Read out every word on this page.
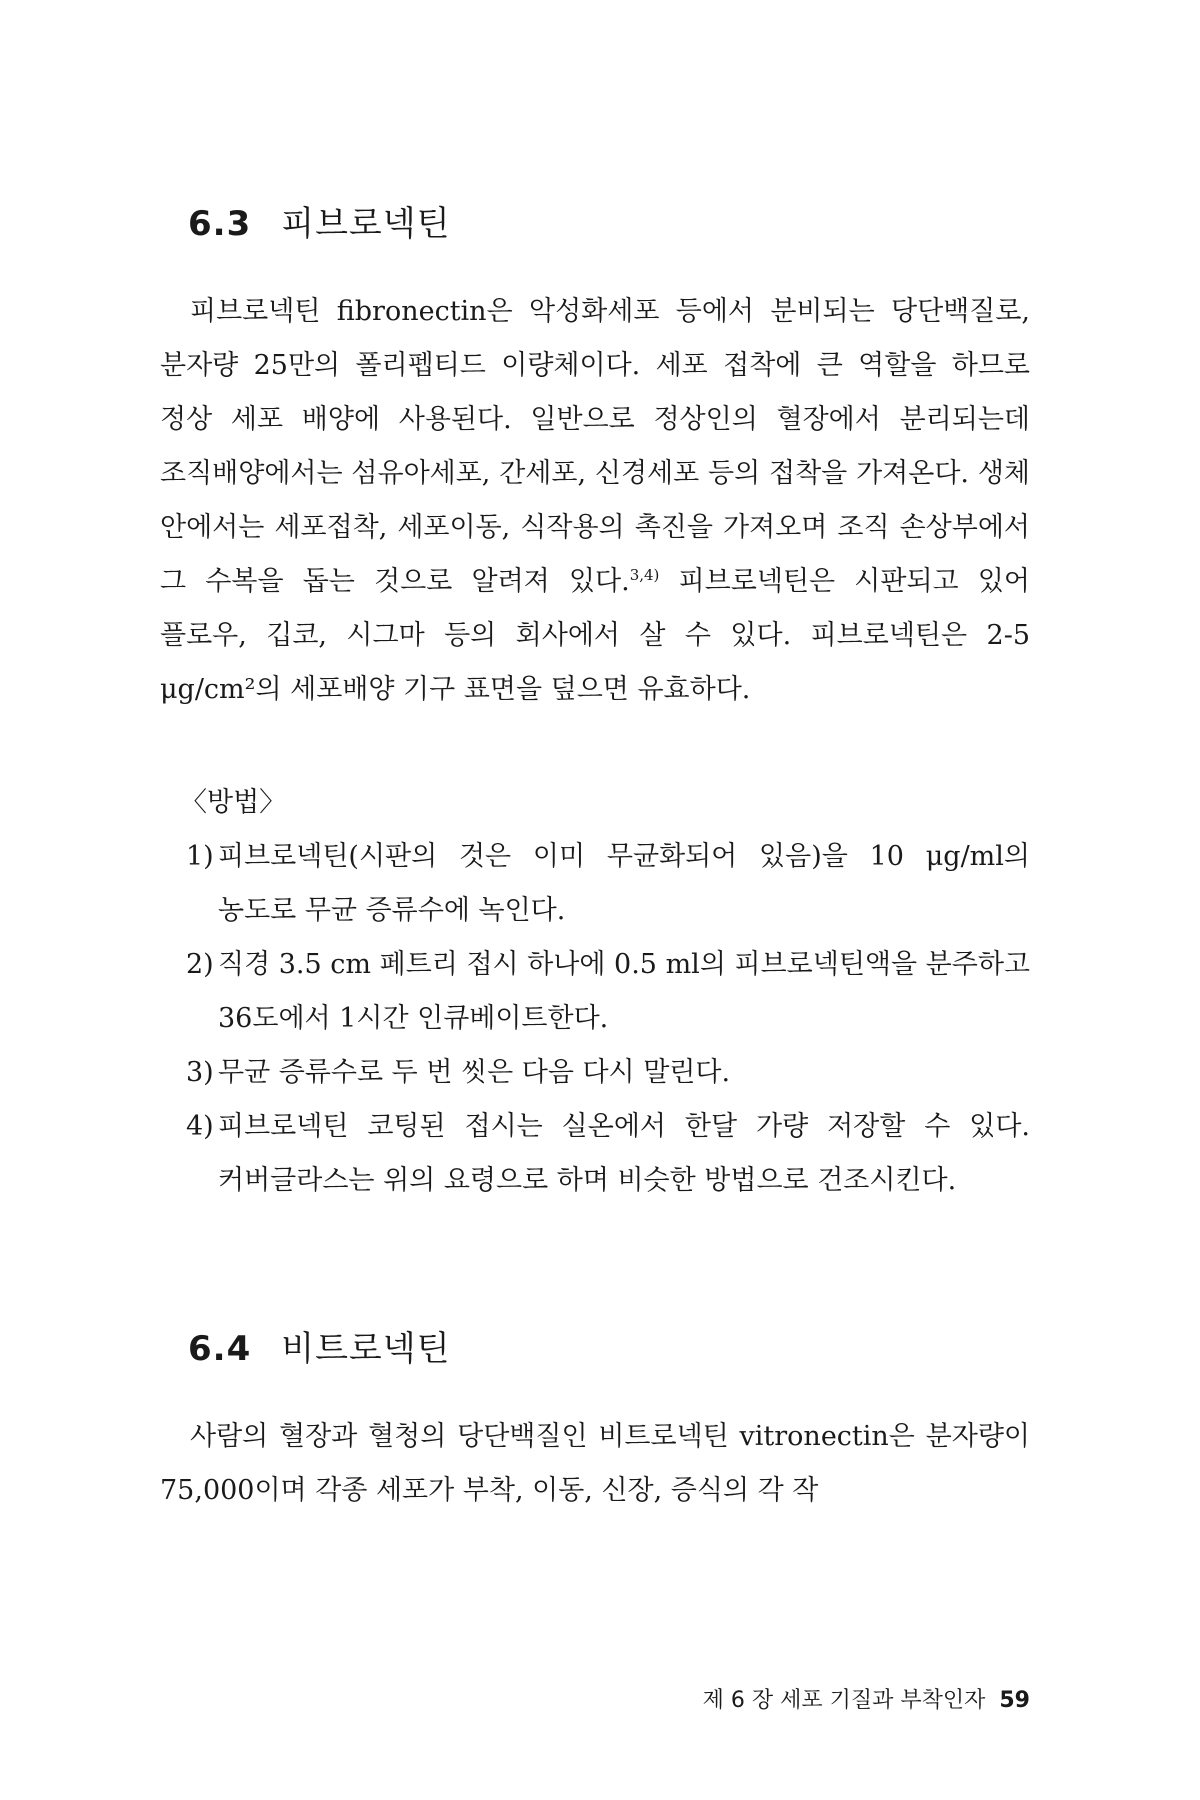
6.3 피브로넥틴

피브로넥틴 fibronectin은 악성화세포 등에서 분비되는 당단백질로, 분자량 25만의 폴리펩티드 이량체이다. 세포 접착에 큰 역할을 하므로 정상 세포 배양에 사용된다. 일반으로 정상인의 혈장에서 분리되는데 조직배양에서는 섬유아세포, 간세포, 신경세포 등의 접착을 가져온다. 생체 안에서는 세포접착, 세포이동, 식작용의 촉진을 가져오며 조직 손상부에서 그 수복을 돕는 것으로 알려져 있다.$^{3,4)}$ 피브로넥틴은 시판되고 있어 플로우, 깁코, 시그마 등의 회사에서 살 수 있다. 피브로넥틴은 2-5 μg/cm²의 세포배양 기구 표면을 덮으면 유효하다.

〈방법〉

1) 피브로넥틴(시판의 것은 이미 무균화되어 있음)을 10 μg/ml의 농도로 무균 증류수에 녹인다.
2) 직경 3.5 cm 페트리 접시 하나에 0.5 ml의 피브로넥틴액을 분주하고 36도에서 1시간 인큐베이트한다.
3) 무균 증류수로 두 번 씻은 다음 다시 말린다.
4) 피브로넥틴 코팅된 접시는 실온에서 한달 가량 저장할 수 있다. 커버글라스는 위의 요령으로 하며 비슷한 방법으로 건조시킨다.
6.4 비트로넥틴

사람의 혈장과 혈청의 당단백질인 비트로넥틴 vitronectin은 분자량이 75,000이며 각종 세포가 부착, 이동, 신장, 증식의 각 작

제 6 장 세포 기질과 부착인자 59
